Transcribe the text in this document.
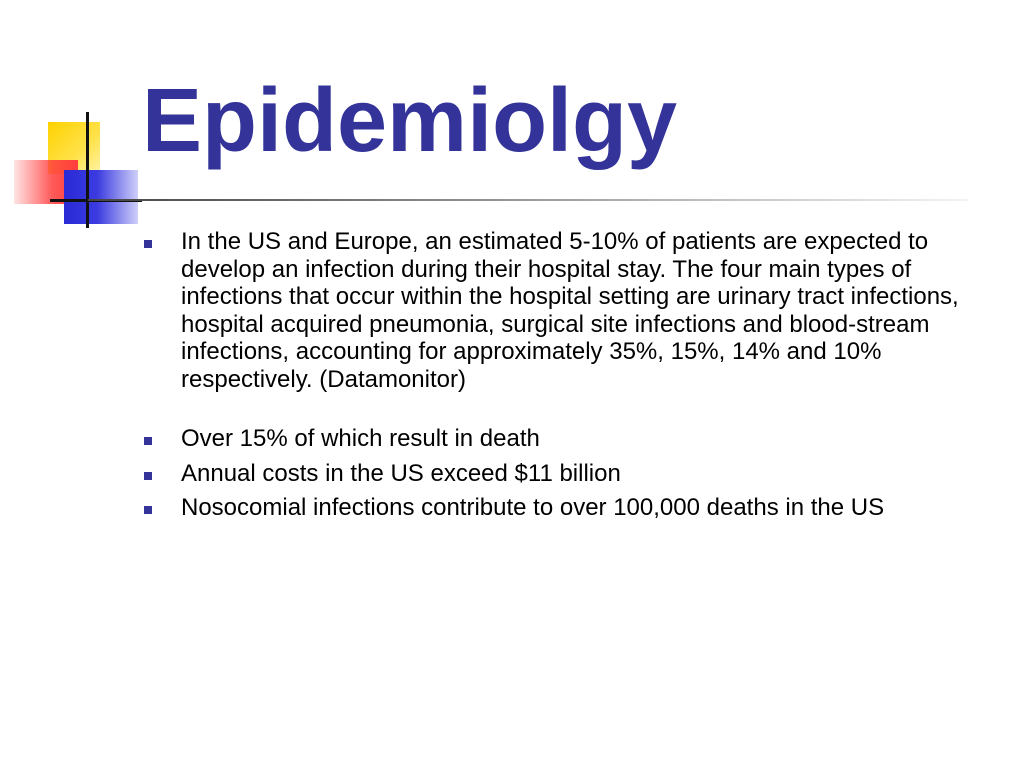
Epidemiolgy
In the US and Europe, an estimated 5-10% of patients are expected to develop an infection during their hospital stay. The four main types of infections that occur within the hospital setting are urinary tract infections, hospital acquired pneumonia, surgical site infections and blood-stream infections, accounting for approximately 35%, 15%, 14% and 10% respectively. (Datamonitor)
Over 15% of which result in death
Annual costs in the US exceed $11 billion
Nosocomial infections contribute to over 100,000 deaths in the US
